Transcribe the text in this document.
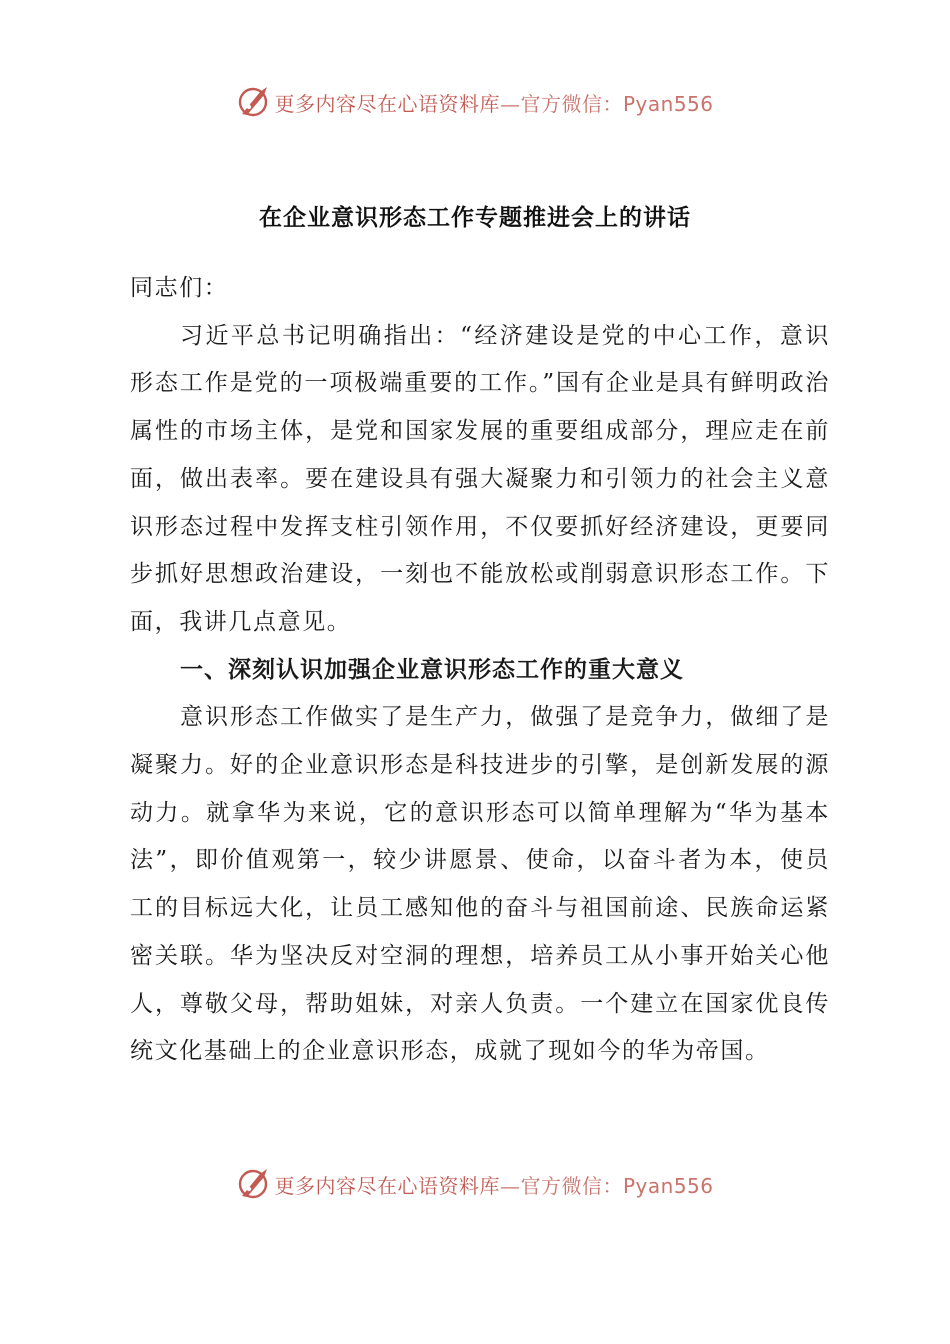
更多内容尽在心语资料库—官方微信：Pyan556
在企业意识形态工作专题推进会上的讲话

同志们：

习近平总书记明确指出：“经济建设是党的中心工作，意识形态工作是党的一项极端重要的工作。”国有企业是具有鲜明政治属性的市场主体，是党和国家发展的重要组成部分，理应走在前面，做出表率。要在建设具有强大凝聚力和引领力的社会主义意识形态过程中发挥支柱引领作用，不仅要抓好经济建设，更要同步抓好思想政治建设，一刻也不能放松或削弱意识形态工作。下面，我讲几点意见。

一、深刻认识加强企业意识形态工作的重大意义

意识形态工作做实了是生产力，做强了是竞争力，做细了是凝聚力。好的企业意识形态是科技进步的引擎，是创新发展的源动力。就拿华为来说，它的意识形态可以简单理解为“华为基本法”，即价值观第一，较少讲愿景、使命，以奋斗者为本，使员工的目标远大化，让员工感知他的奋斗与祖国前途、民族命运紧密关联。华为坚决反对空洞的理想，培养员工从小事开始关心他人，尊敬父母，帮助姐妹，对亲人负责。一个建立在国家优良传统文化基础上的企业意识形态，成就了现如今的华为帝国。

更多内容尽在心语资料库—官方微信：Pyan556
